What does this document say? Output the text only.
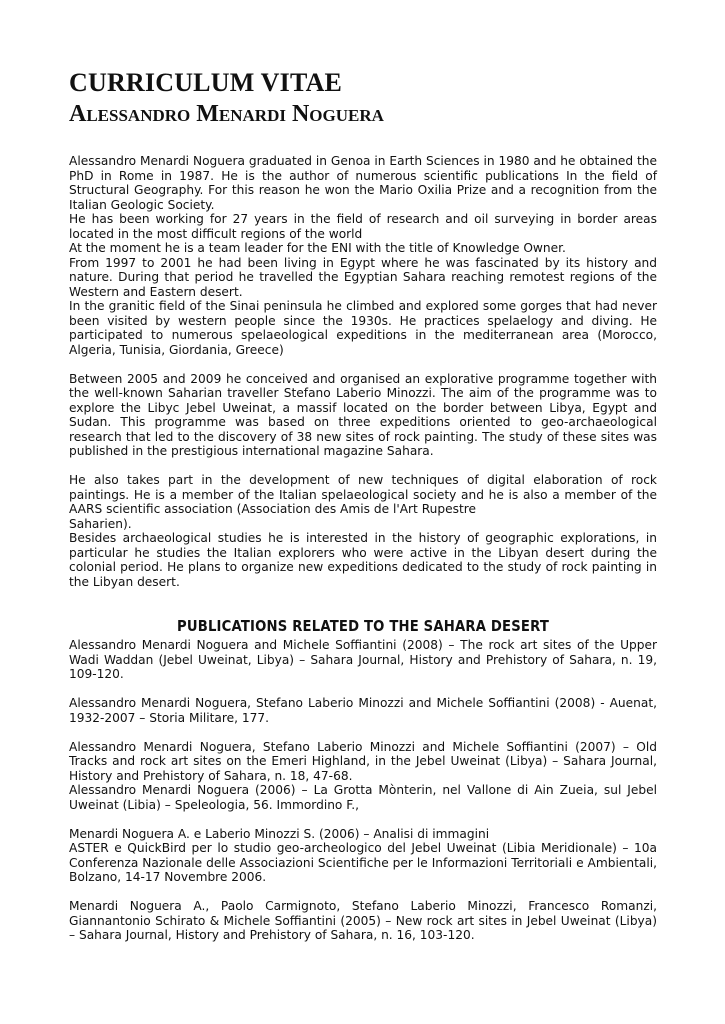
CURRICULUM VITAE
Alessandro Menardi Noguera

Alessandro Menardi Noguera graduated in Genoa in Earth Sciences in 1980 and he obtained the PhD in Rome in 1987. He is the author of numerous scientific publications In the field of Structural Geography. For this reason he won the Mario Oxilia Prize and a recognition from the Italian Geologic Society.

He has been working for 27 years in the field of research and oil surveying in border areas located in the most difficult regions of the world

At the moment he is a team leader for the ENI with the title of Knowledge Owner.

From 1997 to 2001 he had been living in Egypt where he was fascinated by its history and nature. During that period he travelled the Egyptian Sahara reaching remotest regions of the Western and Eastern desert.

In the granitic field of the Sinai peninsula he climbed and explored some gorges that had never been visited by western people since the 1930s. He practices spelaelogy and diving. He participated to numerous spelaeological expeditions in the mediterranean area (Morocco, Algeria, Tunisia, Giordania, Greece)

Between 2005 and 2009 he conceived and organised an explorative programme together with the well-known Saharian traveller Stefano Laberio Minozzi. The aim of the programme was to explore the Libyc Jebel Uweinat, a massif located on the border between Libya, Egypt and Sudan. This programme was based on three expeditions oriented to geo-archaeological research that led to the discovery of 38 new sites of rock painting. The study of these sites was published in the prestigious international magazine Sahara.

He also takes part in the development of new techniques of digital elaboration of rock paintings. He is a member of the Italian spelaeological society and he is also a member of the AARS scientific association (Association des Amis de l'Art Rupestre

Saharien).

Besides archaeological studies he is interested in the history of geographic explorations, in particular he studies the Italian explorers who were active in the Libyan desert during the colonial period. He plans to organize new expeditions dedicated to the study of rock painting in the Libyan desert.

PUBLICATIONS RELATED TO THE SAHARA DESERT

Alessandro Menardi Noguera and Michele Soffiantini (2008) – The rock art sites of the Upper Wadi Waddan (Jebel Uweinat, Libya) – Sahara Journal, History and Prehistory of Sahara, n. 19, 109-120.

Alessandro Menardi Noguera, Stefano Laberio Minozzi and Michele Soffiantini (2008) - Auenat, 1932-2007 – Storia Militare, 177.

Alessandro Menardi Noguera, Stefano Laberio Minozzi and Michele Soffiantini (2007) – Old Tracks and rock art sites on the Emeri Highland, in the Jebel Uweinat (Libya) – Sahara Journal, History and Prehistory of Sahara, n. 18, 47-68.

Alessandro Menardi Noguera (2006) – La Grotta Mònterin, nel Vallone di Ain Zueia, sul Jebel Uweinat (Libia) – Speleologia, 56. Immordino F.,

Menardi Noguera A. e Laberio Minozzi S. (2006) – Analisi di immagini

ASTER e QuickBird per lo studio geo-archeologico del Jebel Uweinat (Libia Meridionale) – 10a Conferenza Nazionale delle Associazioni Scientifiche per le Informazioni Territoriali e Ambientali, Bolzano, 14-17 Novembre 2006.

Menardi Noguera A., Paolo Carmignoto, Stefano Laberio Minozzi, Francesco Romanzi, Giannantonio Schirato & Michele Soffiantini (2005) – New rock art sites in Jebel Uweinat (Libya) – Sahara Journal, History and Prehistory of Sahara, n. 16, 103-120.
